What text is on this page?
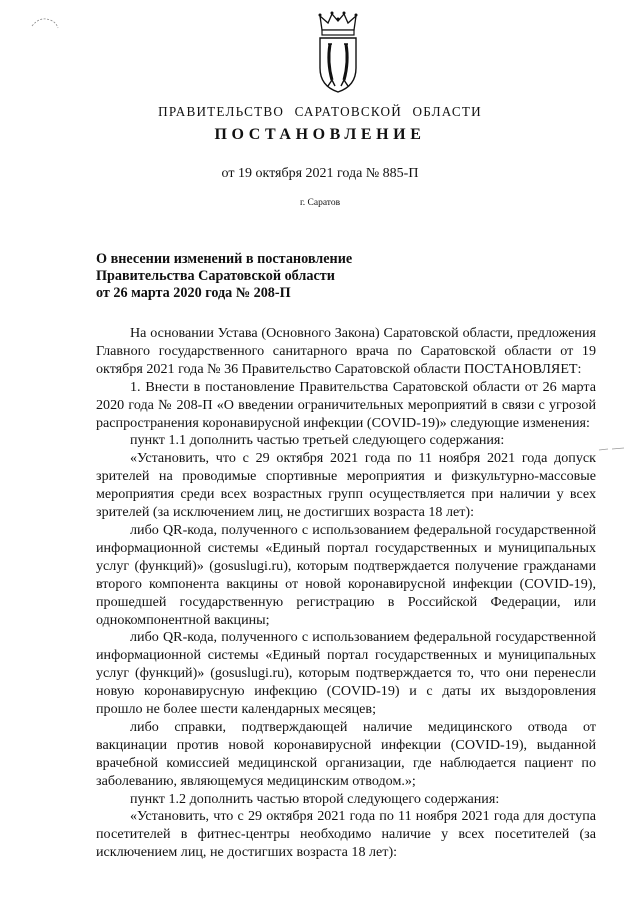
ПРАВИТЕЛЬСТВО САРАТОВСКОЙ ОБЛАСТИ
ПОСТАНОВЛЕНИЕ
от 19 октября 2021 года № 885-П
г. Саратов
О внесении изменений в постановление
Правительства Саратовской области
от 26 марта 2020 года № 208-П

На основании Устава (Основного Закона) Саратовской области, предложения Главного государственного санитарного врача по Саратовской области от 19 октября 2021 года № 36 Правительство Саратовской области ПОСТАНОВЛЯЕТ:

1. Внести в постановление Правительства Саратовской области от 26 марта 2020 года № 208-П «О введении ограничительных мероприятий в связи с угрозой распространения коронавирусной инфекции (COVID-19)» следующие изменения:

пункт 1.1 дополнить частью третьей следующего содержания:

«Установить, что с 29 октября 2021 года по 11 ноября 2021 года допуск зрителей на проводимые спортивные мероприятия и физкультурно-массовые мероприятия среди всех возрастных групп осуществляется при наличии у всех зрителей (за исключением лиц, не достигших возраста 18 лет):

либо QR-кода, полученного с использованием федеральной государственной информационной системы «Единый портал государственных и муниципальных услуг (функций)» (gosuslugi.ru), которым подтверждается получение гражданами второго компонента вакцины от новой коронавирусной инфекции (COVID-19), прошедшей государственную регистрацию в Российской Федерации, или однокомпонентной вакцины;

либо QR-кода, полученного с использованием федеральной государственной информационной системы «Единый портал государственных и муниципальных услуг (функций)» (gosuslugi.ru), которым подтверждается то, что они перенесли новую коронавирусную инфекцию (COVID-19) и с даты их выздоровления прошло не более шести календарных месяцев;

либо справки, подтверждающей наличие медицинского отвода от вакцинации против новой коронавирусной инфекции (COVID-19), выданной врачебной комиссией медицинской организации, где наблюдается пациент по заболеванию, являющемуся медицинским отводом.»;

пункт 1.2 дополнить частью второй следующего содержания:

«Установить, что с 29 октября 2021 года по 11 ноября 2021 года для доступа посетителей в фитнес-центры необходимо наличие у всех посетителей (за исключением лиц, не достигших возраста 18 лет):
